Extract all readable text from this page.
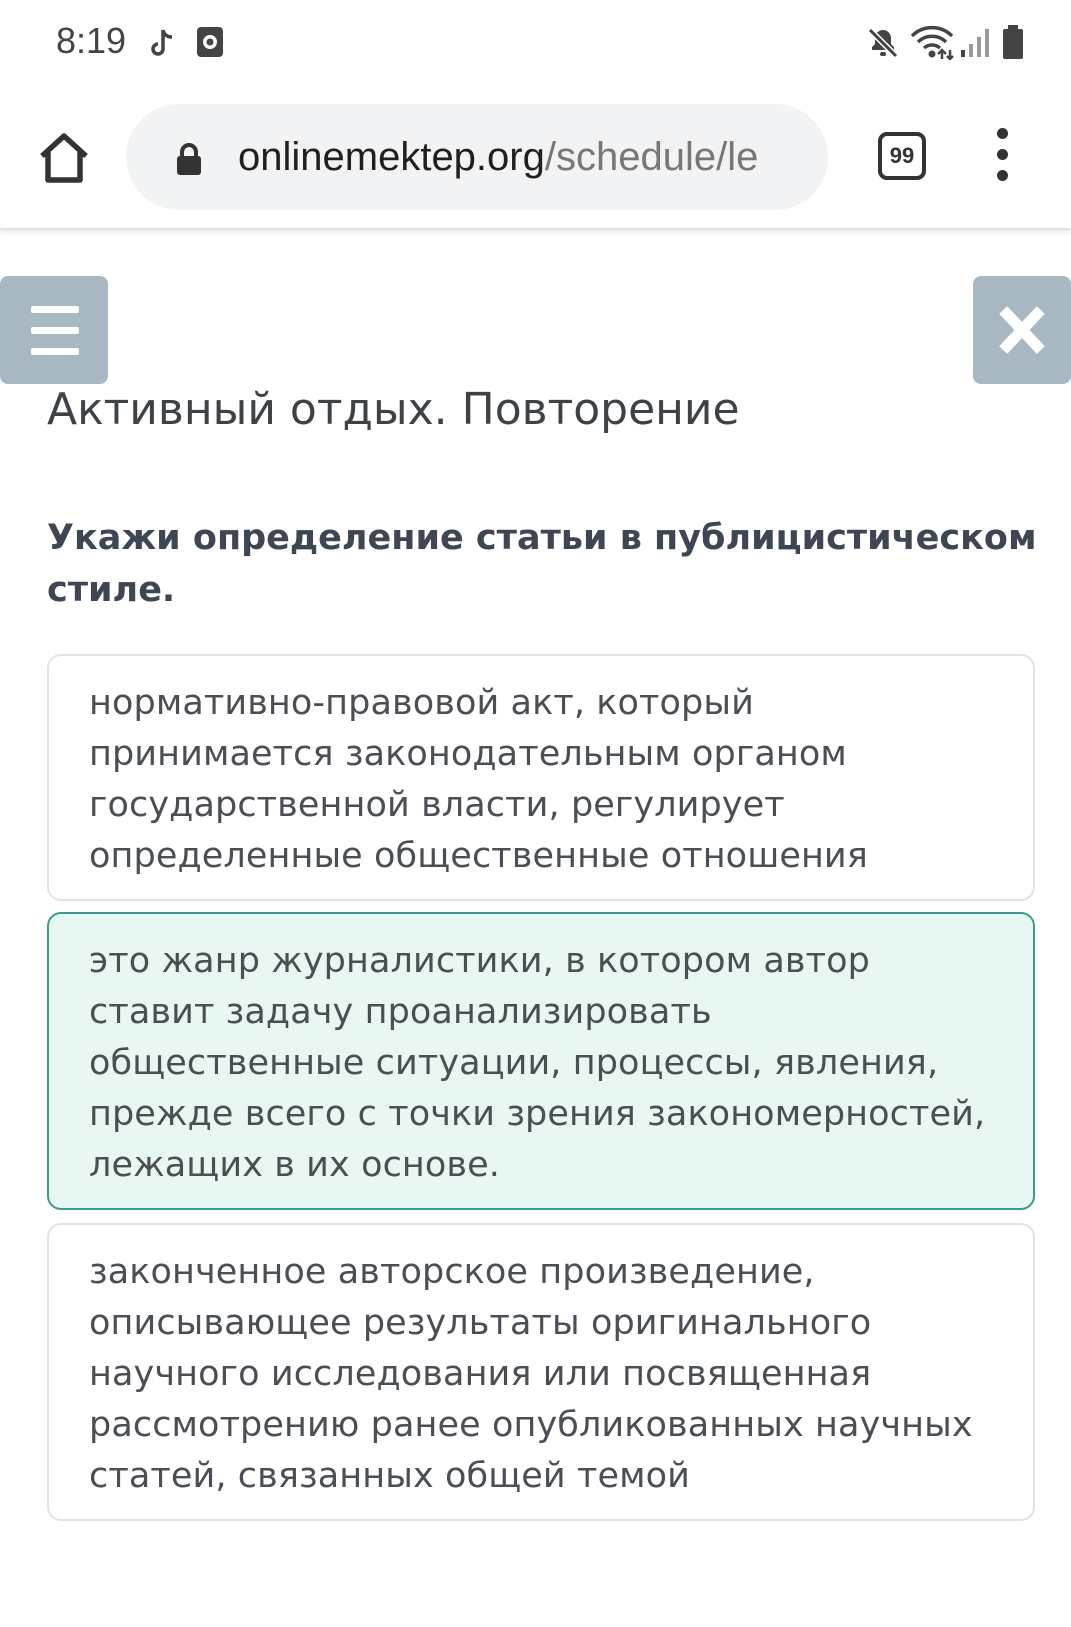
8:19
onlinemektep.org/schedule/le	99
Активный отдых. Повторение

Укажи определение статьи в публицистическом стиле.

нормативно-правовой акт, который принимается законодательным органом государственной власти, регулирует определенные общественные отношения
это жанр журналистики, в котором автор ставит задачу проанализировать общественные ситуации, процессы, явления, прежде всего с точки зрения закономерностей, лежащих в их основе.
законченное авторское произведение, описывающее результаты оригинального научного исследования или посвященная рассмотрению ранее опубликованных научных статей, связанных общей темой
